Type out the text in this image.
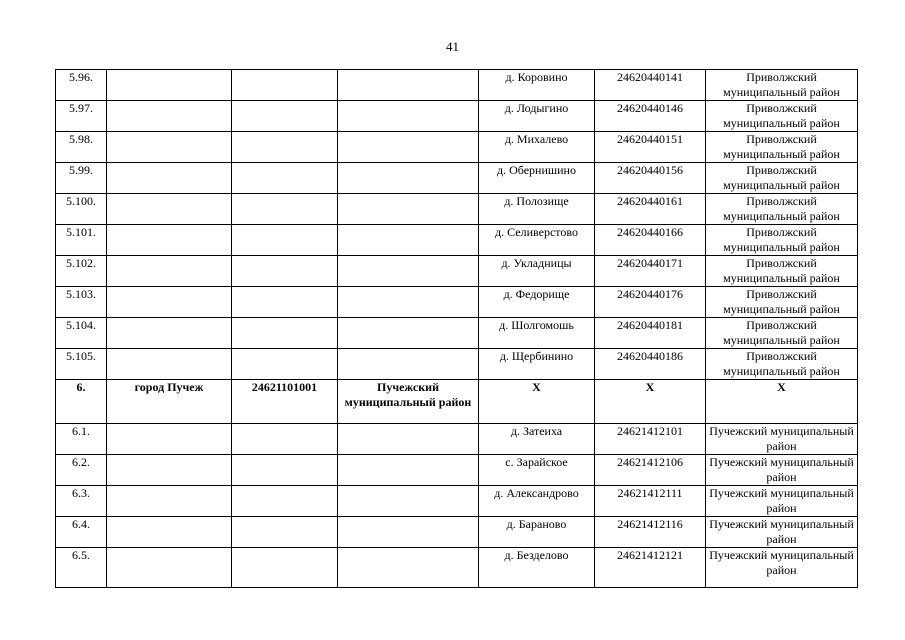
41
5.96.				д. Коровино	24620440141	Приволжский муниципальный район
5.97.				д. Лодыгино	24620440146	Приволжский муниципальный район
5.98.				д. Михалево	24620440151	Приволжский муниципальный район
5.99.				д. Обернишино	24620440156	Приволжский муниципальный район
5.100.				д. Полозище	24620440161	Приволжский муниципальный район
5.101.				д. Селиверстово	24620440166	Приволжский муниципальный район
5.102.				д. Укладницы	24620440171	Приволжский муниципальный район
5.103.				д. Федорище	24620440176	Приволжский муниципальный район
5.104.				д. Шолгомошь	24620440181	Приволжский муниципальный район
5.105.				д. Щербинино	24620440186	Приволжский муниципальный район
6.	город Пучеж	24621101001	Пучежский муниципальный район	Х	Х	Х
6.1.				д. Затеиха	24621412101	Пучежский муниципальный район
6.2.				с. Зарайское	24621412106	Пучежский муниципальный район
6.3.				д. Александрово	24621412111	Пучежский муниципальный район
6.4.				д. Бараново	24621412116	Пучежский муниципальный район
6.5.				д. Безделово	24621412121	Пучежский муниципальный район
